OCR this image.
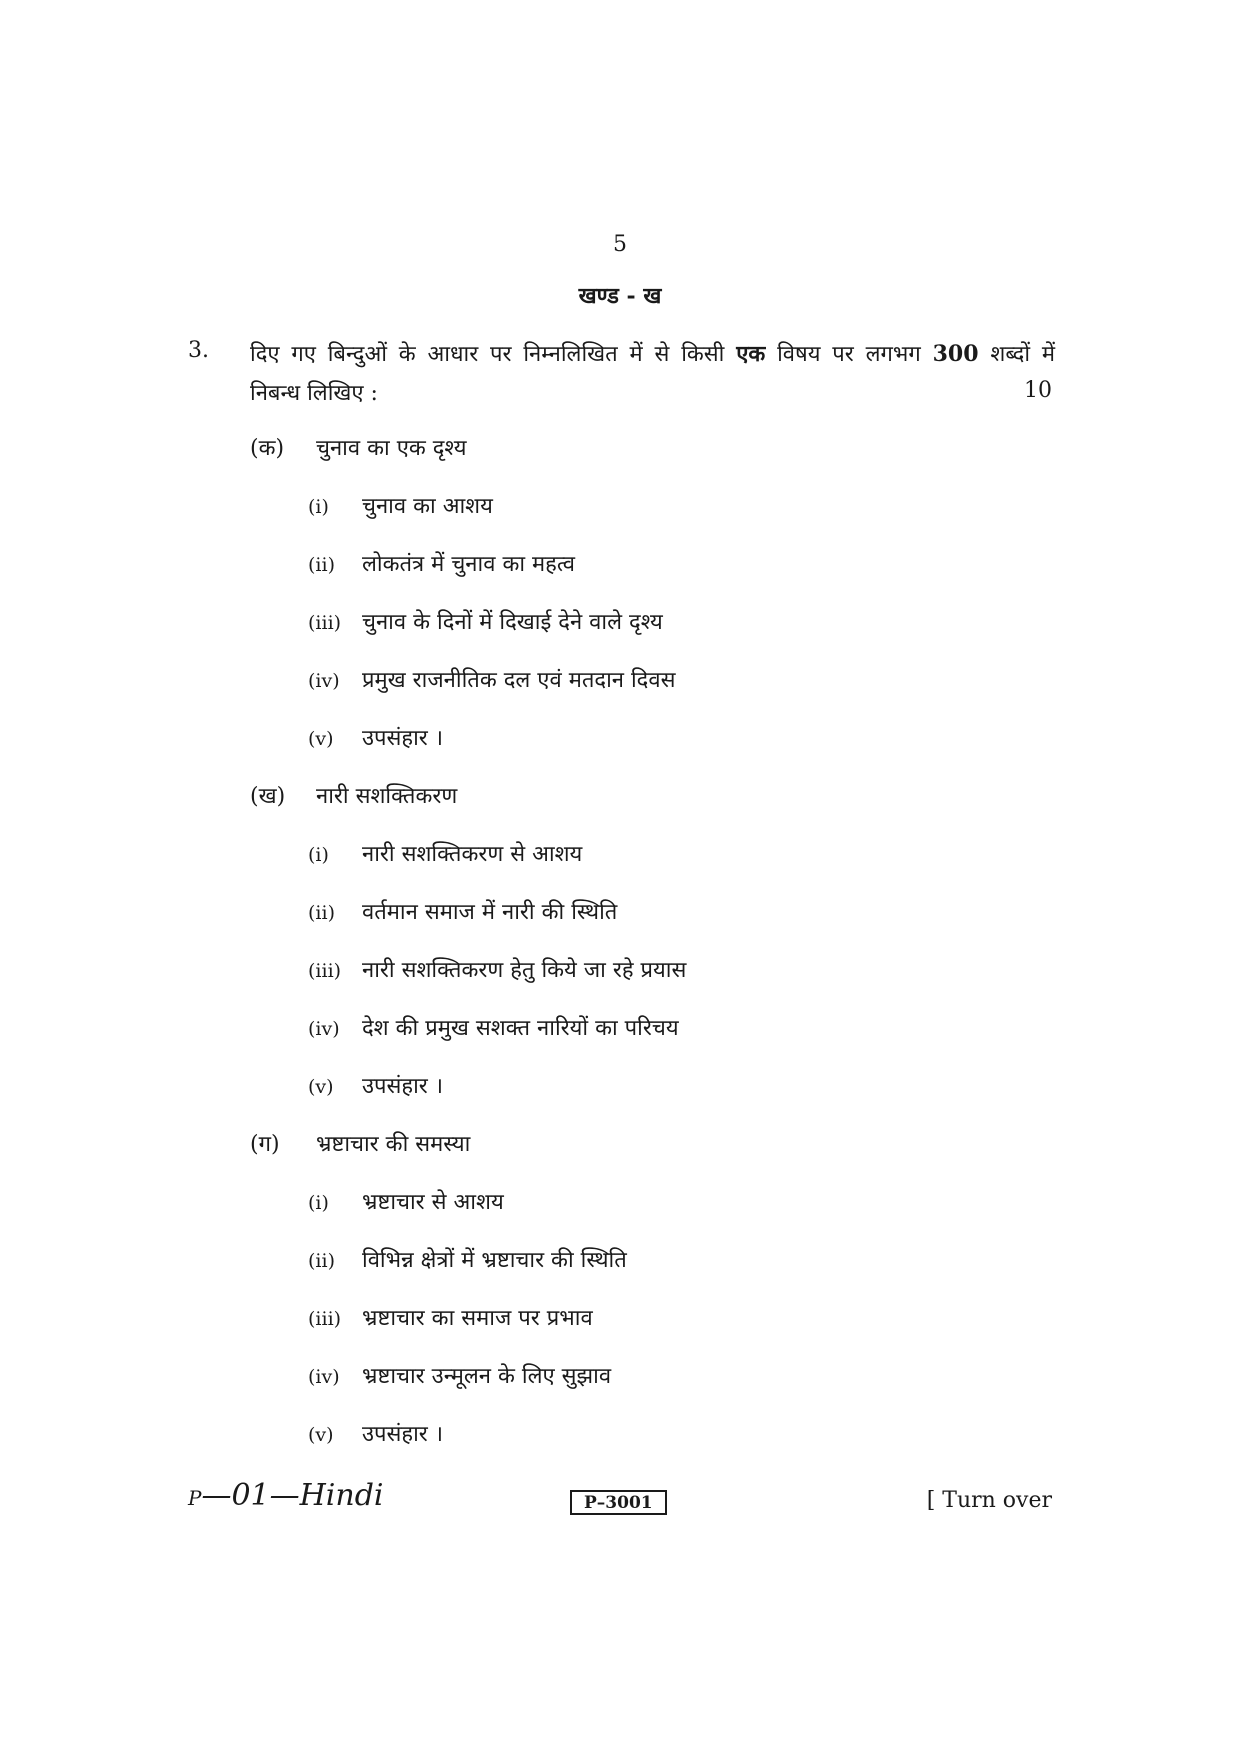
5
खण्ड - ख
3. दिए गए बिन्दुओं के आधार पर निम्नलिखित में से किसी एक विषय पर लगभग 300 शब्दों में
निबन्ध लिखिए :	10
(क) चुनाव का एक दृश्य
(i) चुनाव का आशय
(ii) लोकतंत्र में चुनाव का महत्व
(iii) चुनाव के दिनों में दिखाई देने वाले दृश्य
(iv) प्रमुख राजनीतिक दल एवं मतदान दिवस
(v) उपसंहार ।
(ख) नारी सशक्तिकरण
(i) नारी सशक्तिकरण से आशय
(ii) वर्तमान समाज में नारी की स्थिति
(iii) नारी सशक्तिकरण हेतु किये जा रहे प्रयास
(iv) देश की प्रमुख सशक्त नारियों का परिचय
(v) उपसंहार ।
(ग) भ्रष्टाचार की समस्या
(i) भ्रष्टाचार से आशय
(ii) विभिन्न क्षेत्रों में भ्रष्टाचार की स्थिति
(iii) भ्रष्टाचार का समाज पर प्रभाव
(iv) भ्रष्टाचार उन्मूलन के लिए सुझाव
(v) उपसंहार ।
P—01—Hindi	P–3001	[ Turn over
